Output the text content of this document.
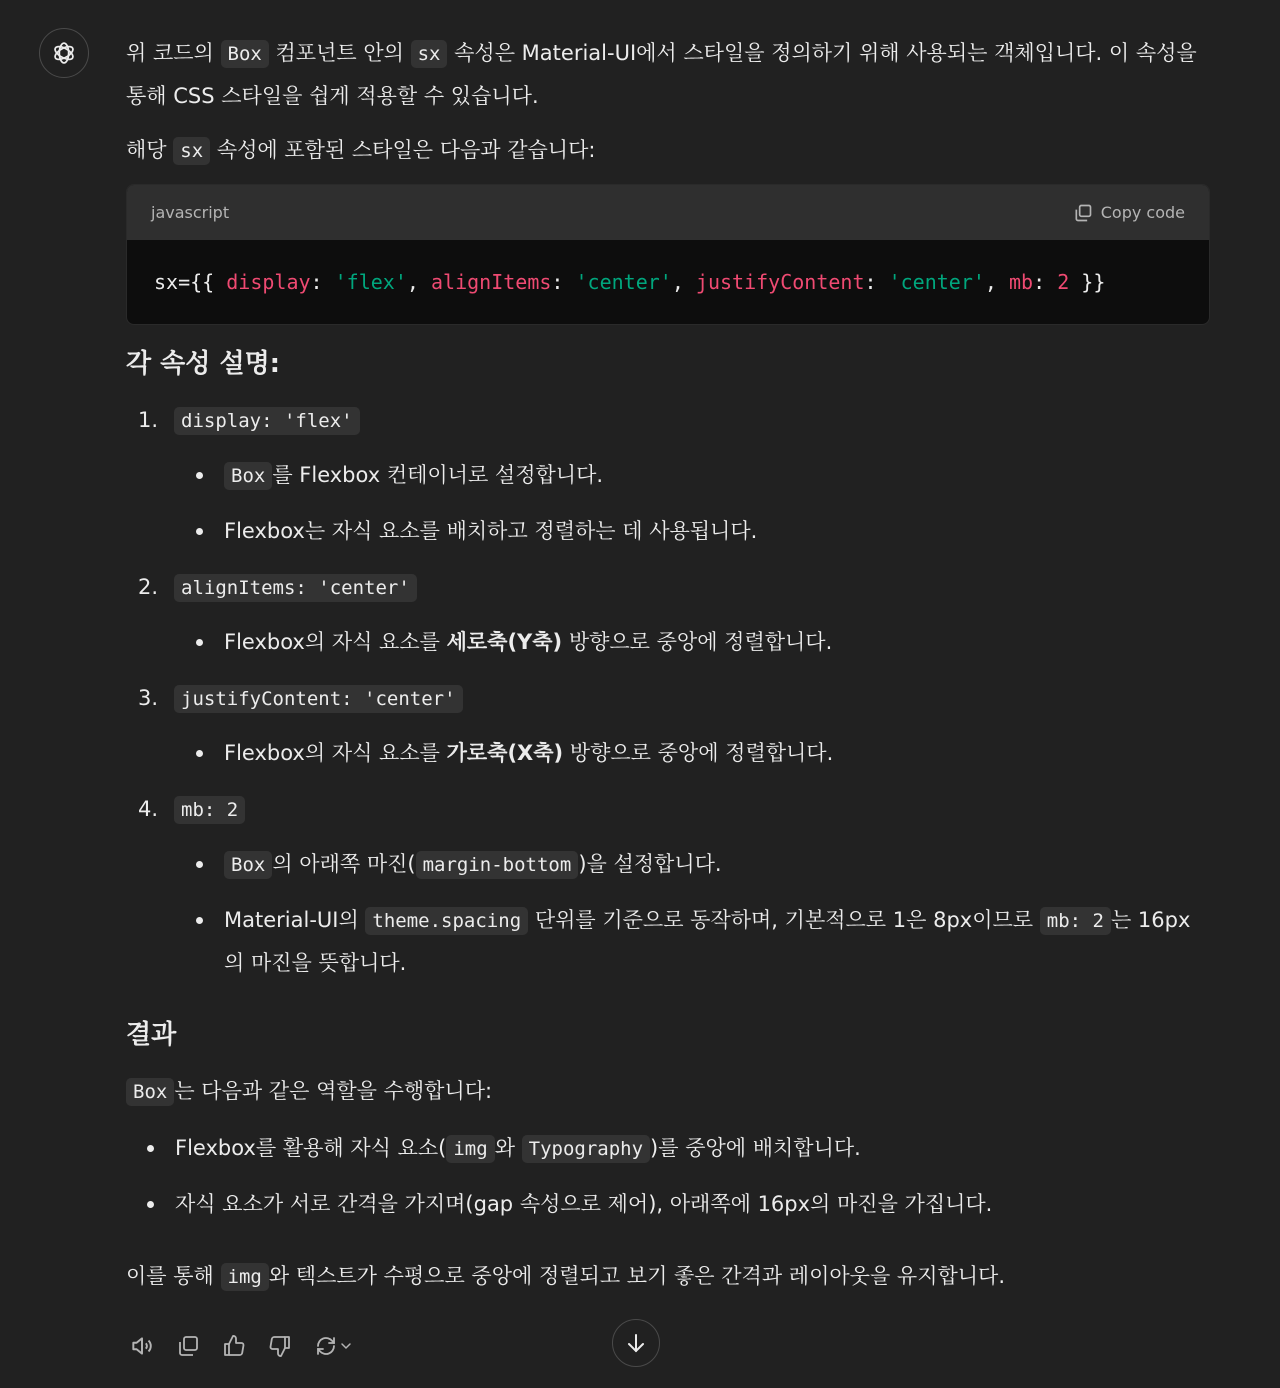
위 코드의 Box 컴포넌트 안의 sx 속성은 Material-UI에서 스타일을 정의하기 위해 사용되는 객체입니다. 이 속성을 통해 CSS 스타일을 쉽게 적용할 수 있습니다.

해당 sx 속성에 포함된 스타일은 다음과 같습니다:

javascript	Copy code
sx={{ display : 'flex' , alignItems : 'center' , justifyContent : 'center' , mb : 2 }}
각 속성 설명:
1. display: 'flex'
Box 를 Flexbox 컨테이너로 설정합니다.
Flexbox는 자식 요소를 배치하고 정렬하는 데 사용됩니다.
2. alignItems: 'center'
Flexbox의 자식 요소를 세로축(Y축) 방향으로 중앙에 정렬합니다.
3. justifyContent: 'center'
Flexbox의 자식 요소를 가로축(X축) 방향으로 중앙에 정렬합니다.
4. mb: 2
Box 의 아래쪽 마진( margin-bottom )을 설정합니다.
Material-UI의 theme.spacing 단위를 기준으로 동작하며, 기본적으로 1은 8px이므로 mb: 2 는 16px의 마진을 뜻합니다.
결과

Box 는 다음과 같은 역할을 수행합니다:

Flexbox를 활용해 자식 요소( img 와 Typography )를 중앙에 배치합니다.
자식 요소가 서로 간격을 가지며(gap 속성으로 제어), 아래쪽에 16px의 마진을 가집니다.

이를 통해 img 와 텍스트가 수평으로 중앙에 정렬되고 보기 좋은 간격과 레이아웃을 유지합니다.
